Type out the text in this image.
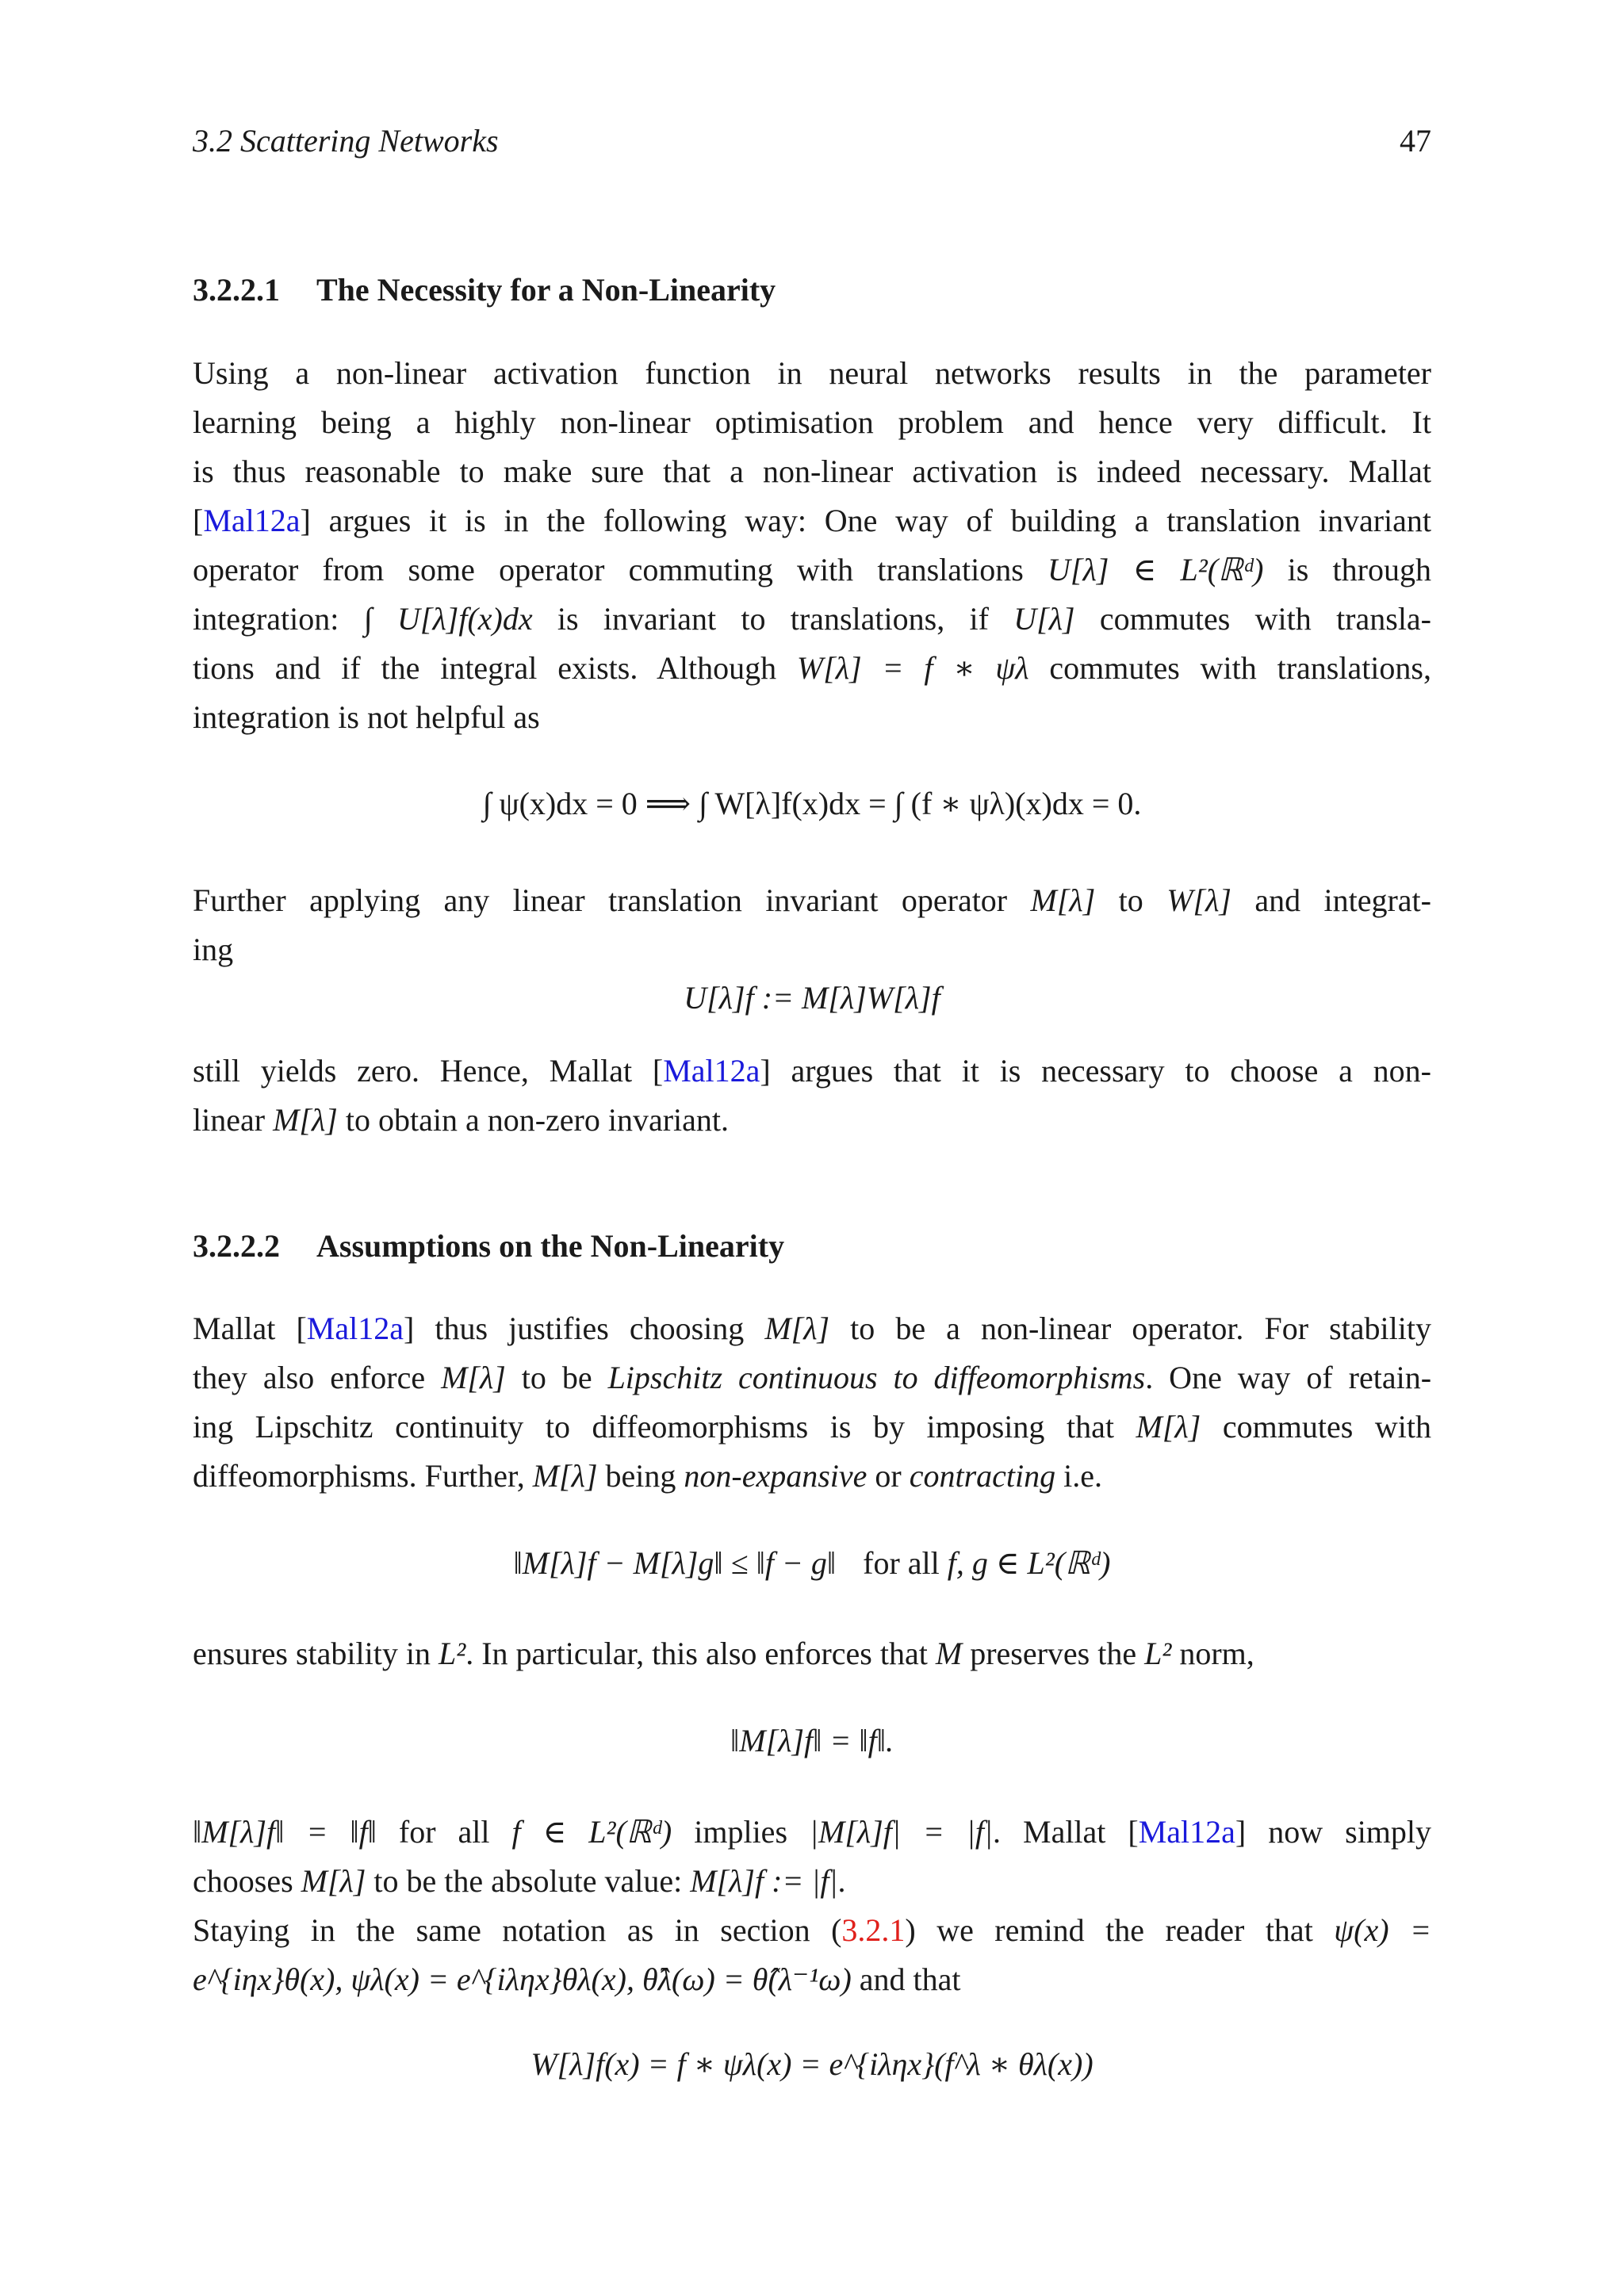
3.2 Scattering Networks	47
3.2.2.1 The Necessity for a Non-Linearity
Using a non-linear activation function in neural networks results in the parameter
learning being a highly non-linear optimisation problem and hence very difficult. It
is thus reasonable to make sure that a non-linear activation is indeed necessary. Mallat
[Mal12a] argues it is in the following way: One way of building a translation invariant
operator from some operator commuting with translations U[λ] ∈ L²(ℝᵈ) is through
integration: ∫ U[λ]f(x)dx is invariant to translations, if U[λ] commutes with transla-
tions and if the integral exists. Although W[λ] = f ∗ ψλ commutes with translations,
integration is not helpful as
∫ ψ(x)dx = 0 ⟹ ∫ W[λ]f(x)dx = ∫ (f ∗ ψλ)(x)dx = 0.
Further applying any linear translation invariant operator M[λ] to W[λ] and integrat-
ing
U[λ]f := M[λ]W[λ]f
still yields zero. Hence, Mallat [Mal12a] argues that it is necessary to choose a non-
linear M[λ] to obtain a non-zero invariant.
3.2.2.2 Assumptions on the Non-Linearity
Mallat [Mal12a] thus justifies choosing M[λ] to be a non-linear operator. For stability
they also enforce M[λ] to be Lipschitz continuous to diffeomorphisms. One way of retain-
ing Lipschitz continuity to diffeomorphisms is by imposing that M[λ] commutes with
diffeomorphisms. Further, M[λ] being non-expansive or contracting i.e.
‖M[λ]f − M[λ]g‖ ≤ ‖f − g‖ for all f, g ∈ L²(ℝᵈ)
ensures stability in L². In particular, this also enforces that M preserves the L² norm,
‖M[λ]f‖ = ‖f‖.
‖M[λ]f‖ = ‖f‖ for all f ∈ L²(ℝᵈ) implies |M[λ]f| = |f|. Mallat [Mal12a] now simply
chooses M[λ] to be the absolute value: M[λ]f := |f|.
Staying in the same notation as in section (3.2.1) we remind the reader that ψ(x) =
e^{iηx}θ(x), ψλ(x) = e^{iληx}θλ(x), θ̂λ(ω) = θ̂(λ⁻¹ω) and that
W[λ]f(x) = f ∗ ψλ(x) = e^{iληx}(f^λ ∗ θλ(x))
